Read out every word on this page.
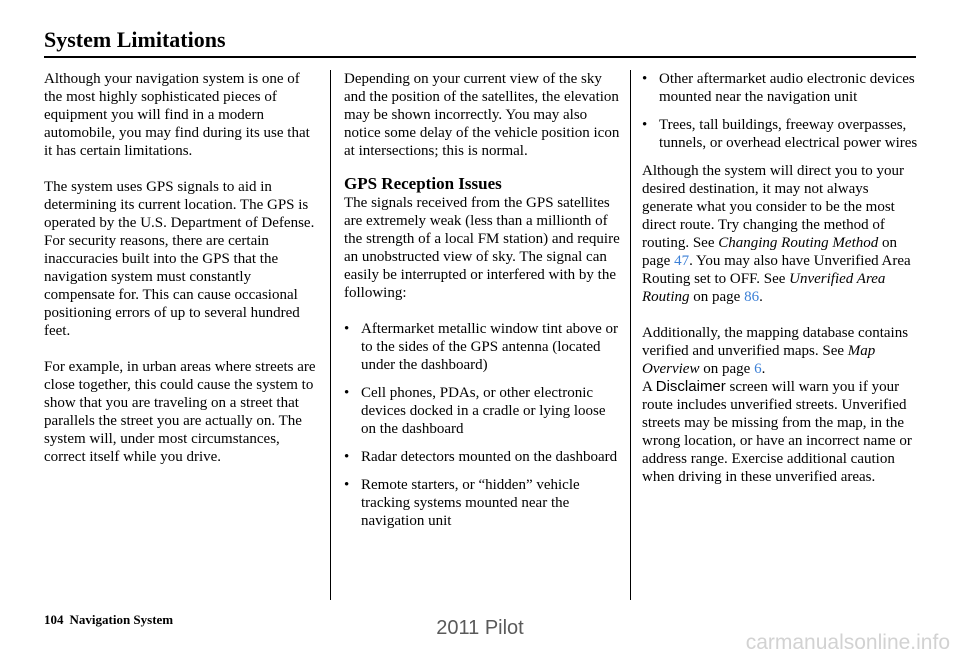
System Limitations

Although your navigation system is one of the most highly sophisticated pieces of equipment you will find in a modern automobile, you may find during its use that it has certain limitations.

The system uses GPS signals to aid in determining its current location. The GPS is operated by the U.S. Department of Defense. For security reasons, there are certain inaccuracies built into the GPS that the navigation system must constantly compensate for. This can cause occasional positioning errors of up to several hundred feet.

For example, in urban areas where streets are close together, this could cause the system to show that you are traveling on a street that parallels the street you are actually on. The system will, under most circumstances, correct itself while you drive.

Depending on your current view of the sky and the position of the satellites, the elevation may be shown incorrectly. You may also notice some delay of the vehicle position icon at intersections; this is normal.

GPS Reception Issues

The signals received from the GPS satellites are extremely weak (less than a millionth of the strength of a local FM station) and require an unobstructed view of sky. The signal can easily be interrupted or interfered with by the following:

• Aftermarket metallic window tint above or to the sides of the GPS antenna (located under the dashboard)
• Cell phones, PDAs, or other electronic devices docked in a cradle or lying loose on the dashboard
• Radar detectors mounted on the dashboard
• Remote starters, or “hidden” vehicle tracking systems mounted near the navigation unit
• Other aftermarket audio electronic devices mounted near the navigation unit
• Trees, tall buildings, freeway overpasses, tunnels, or overhead electrical power wires

Although the system will direct you to your desired destination, it may not always generate what you consider to be the most direct route. Try changing the method of routing. See Changing Routing Method on page 47. You may also have Unverified Area Routing set to OFF. See Unverified Area Routing on page 86.

Additionally, the mapping database contains verified and unverified maps. See Map Overview on page 6.

A Disclaimer screen will warn you if your route includes unverified streets. Unverified streets may be missing from the map, in the wrong location, or have an incorrect name or address range. Exercise additional caution when driving in these unverified areas.

104 Navigation System	2011 Pilot
carmanualsonline.info
